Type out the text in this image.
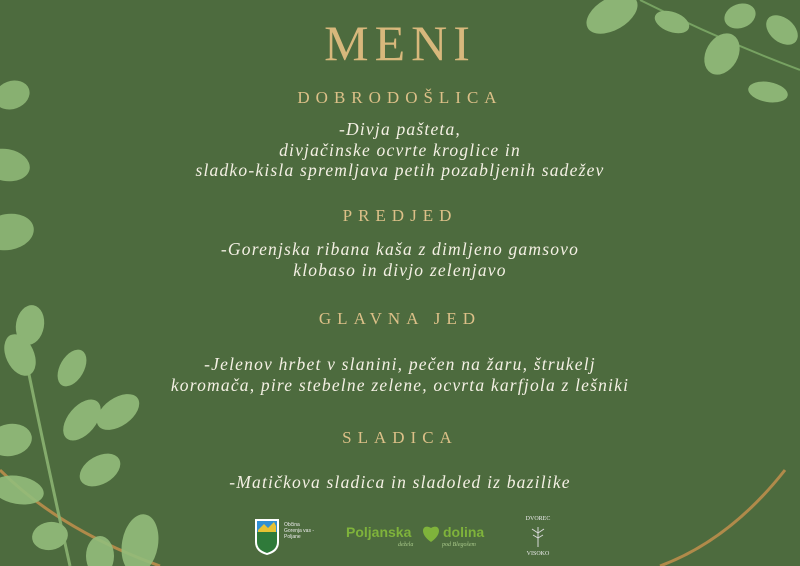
MENI
DOBRODOŠLICA
-Divja pašteta,
divjačinske ocvrte kroglice in
sladko-kisla spremljava petih pozabljenih sadežev
PREDJED
-Gorenjska ribana kaša z dimljeno gamsovo
klobaso in divjo zelenjavo
GLAVNA JED
-Jelenov hrbet v slanini, pečen na žaru, štrukelj
koromača, pire stebelne zelene, ocvrta karfjola z lešniki
SLADICA
-Matičkova sladica in sladoled iz bazilike
Občina
Gorenja vas -
Poljane	Poljanska dolina
dežela	pod Blegošem
DVOREC
VISOKO
